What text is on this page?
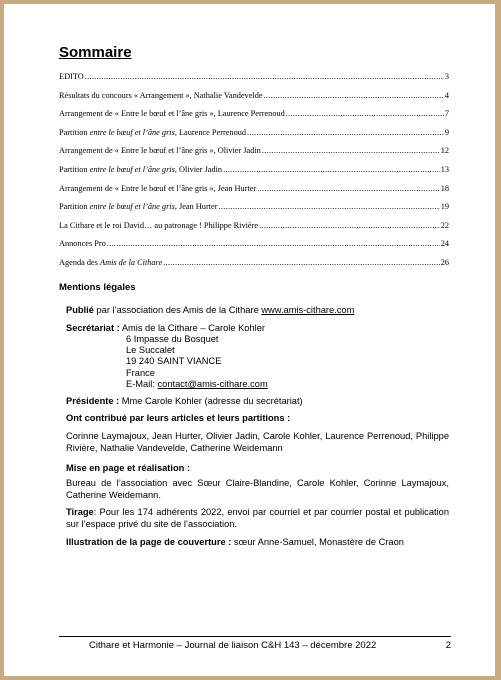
Sommaire
EDITO .....	3
Résultats du concours « Arrangement », Nathalie Vandevelde .....	4
Arrangement de « Entre le bœuf et l’âne gris », Laurence Perrenoud .....	7
Partition entre le bœuf et l’âne gris, Laurence Perrenoud .....	9
Arrangement de « Entre le bœuf et l’âne gris », Olivier Jadin .....	12
Partition entre le bœuf et l’âne gris, Olivier Jadin .....	13
Arrangement de « Entre le bœuf et l’âne gris », Jean Hurter .....	18
Partition entre le bœuf et l’âne gris, Jean Hurter .....	19
La Cithare et le roi David… au patronage ! Philippe Rivière .....	22
Annonces Pro .....	24
Agenda des Amis de la Cithare .....	26
Mentions légales
Publié par l’association des Amis de la Cithare www.amis-cithare.com
Secrétariat : Amis de la Cithare – Carole Kohler
6 Impasse du Bosquet
Le Succalet
19 240 SAINT VIANCE
France
E-Mail: contact@amis-cithare.com
Présidente : Mme Carole Kohler (adresse du secrétariat)
Ont contribué par leurs articles et leurs partitions :
Corinne Laymajoux, Jean Hurter, Olivier Jadin, Carole Kohler, Laurence Perrenoud, Philippe Rivière, Nathalie Vandevelde, Catherine Weidemann
Mise en page et réalisation :
Bureau de l’association avec Sœur Claire-Blandine, Carole Kohler, Corinne Laymajoux, Catherine Weidemann.
Tirage: Pour les 174 adhérents 2022, envoi par courriel et par courrier postal et publication sur l’espace privé du site de l’association.
Illustration de la page de couverture : sœur Anne-Samuel, Monastère de Craon
Cithare et Harmonie – Journal de liaison C&H 143 – décembre 2022	2
